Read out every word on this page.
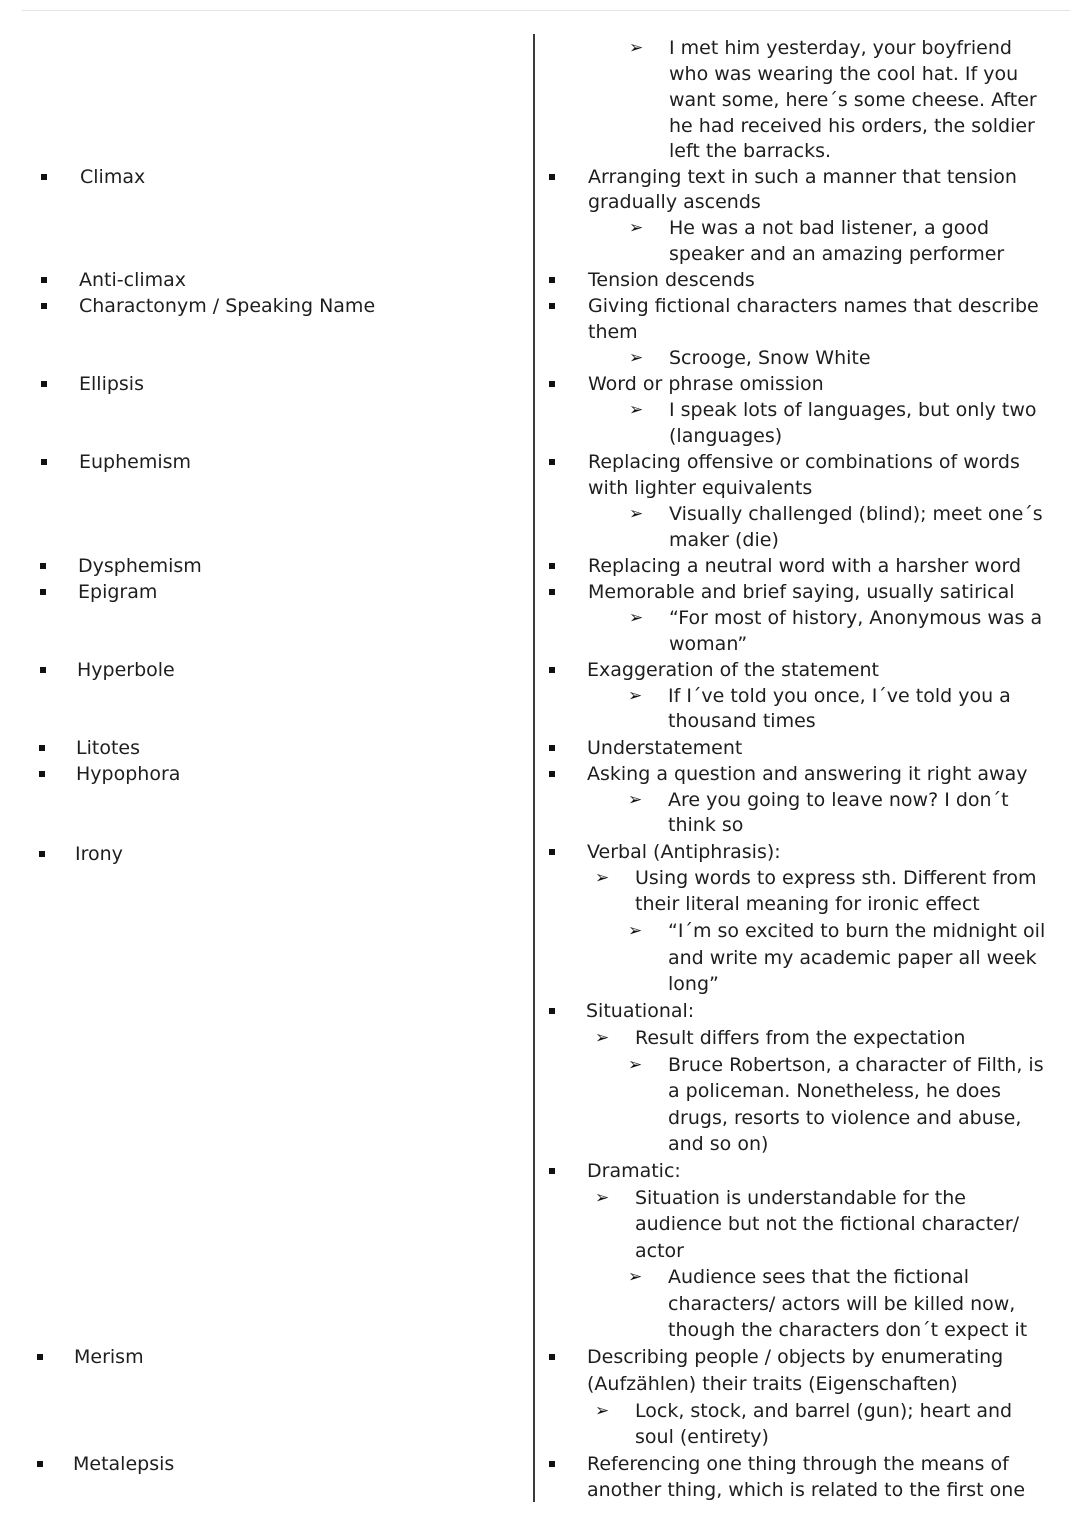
Climax
Anti-climax
Charactonym / Speaking Name
Ellipsis
Euphemism
Dysphemism
Epigram
Hyperbole
Litotes
Hypophora
Irony
Merism
Metalepsis
➢ I met him yesterday, your boyfriend
who was wearing the cool hat. If you
want some, here´s some cheese. After
he had received his orders, the soldier
left the barracks.
Arranging text in such a manner that tension
gradually ascends
➢ He was a not bad listener, a good
speaker and an amazing performer
Tension descends
Giving fictional characters names that describe
them
➢ Scrooge, Snow White
Word or phrase omission
➢ I speak lots of languages, but only two
(languages)
Replacing offensive or combinations of words
with lighter equivalents
➢ Visually challenged (blind); meet one´s
maker (die)
Replacing a neutral word with a harsher word
Memorable and brief saying, usually satirical
➢ “For most of history, Anonymous was a
woman”
Exaggeration of the statement
➢ If I´ve told you once, I´ve told you a
thousand times
Understatement
Asking a question and answering it right away
➢ Are you going to leave now? I don´t
think so
Verbal (Antiphrasis):
➢ Using words to express sth. Different from
their literal meaning for ironic effect
➢ “I´m so excited to burn the midnight oil
and write my academic paper all week
long”
Situational:
➢ Result differs from the expectation
➢ Bruce Robertson, a character of Filth, is
a policeman. Nonetheless, he does
drugs, resorts to violence and abuse,
and so on)
Dramatic:
➢ Situation is understandable for the
audience but not the fictional character/
actor
➢ Audience sees that the fictional
characters/ actors will be killed now,
though the characters don´t expect it
Describing people / objects by enumerating
(Aufzählen) their traits (Eigenschaften)
➢ Lock, stock, and barrel (gun); heart and
soul (entirety)
Referencing one thing through the means of
another thing, which is related to the first one
